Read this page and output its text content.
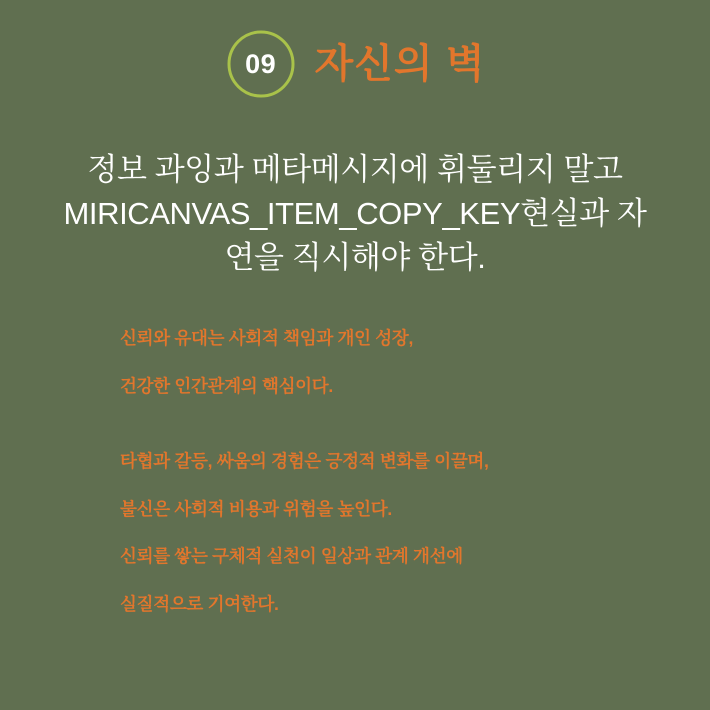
09 자신의 벽
정보 과잉과 메타메시지에 휘둘리지 말고
MIRICANVAS_ITEM_COPY_KEY현실과 자
연을 직시해야 한다.
신뢰와 유대는 사회적 책임과 개인 성장,
건강한 인간관계의 핵심이다.
타협과 갈등, 싸움의 경험은 긍정적 변화를 이끌며,
불신은 사회적 비용과 위험을 높인다.
신뢰를 쌓는 구체적 실천이 일상과 관계 개선에
실질적으로 기여한다.
